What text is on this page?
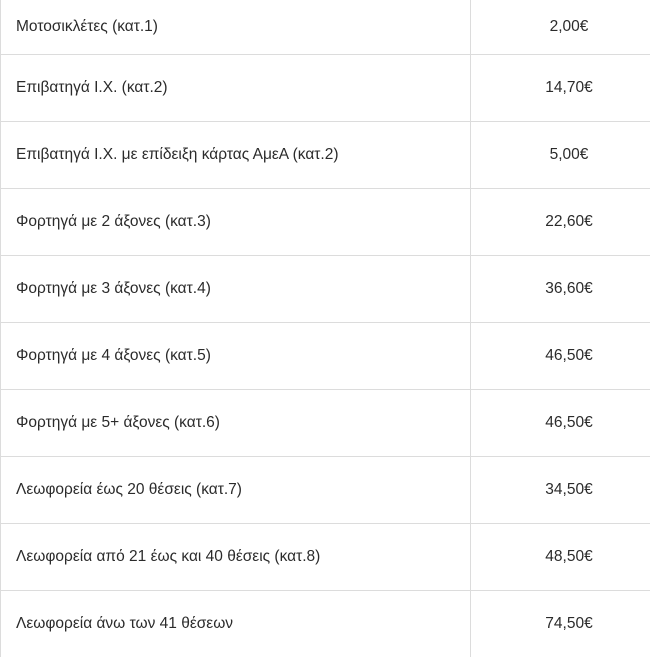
Μοτοσικλέτες (κατ.1)	2,00€
Επιβατηγά Ι.Χ. (κατ.2)	14,70€
Επιβατηγά Ι.Χ. με επίδειξη κάρτας ΑμεΑ (κατ.2)	5,00€
Φορτηγά με 2 άξονες (κατ.3)	22,60€
Φορτηγά με 3 άξονες (κατ.4)	36,60€
Φορτηγά με 4 άξονες (κατ.5)	46,50€
Φορτηγά με 5+ άξονες (κατ.6)	46,50€
Λεωφορεία έως 20 θέσεις (κατ.7)	34,50€
Λεωφορεία από 21 έως και 40 θέσεις (κατ.8)	48,50€
Λεωφορεία άνω των 41 θέσεων	74,50€
